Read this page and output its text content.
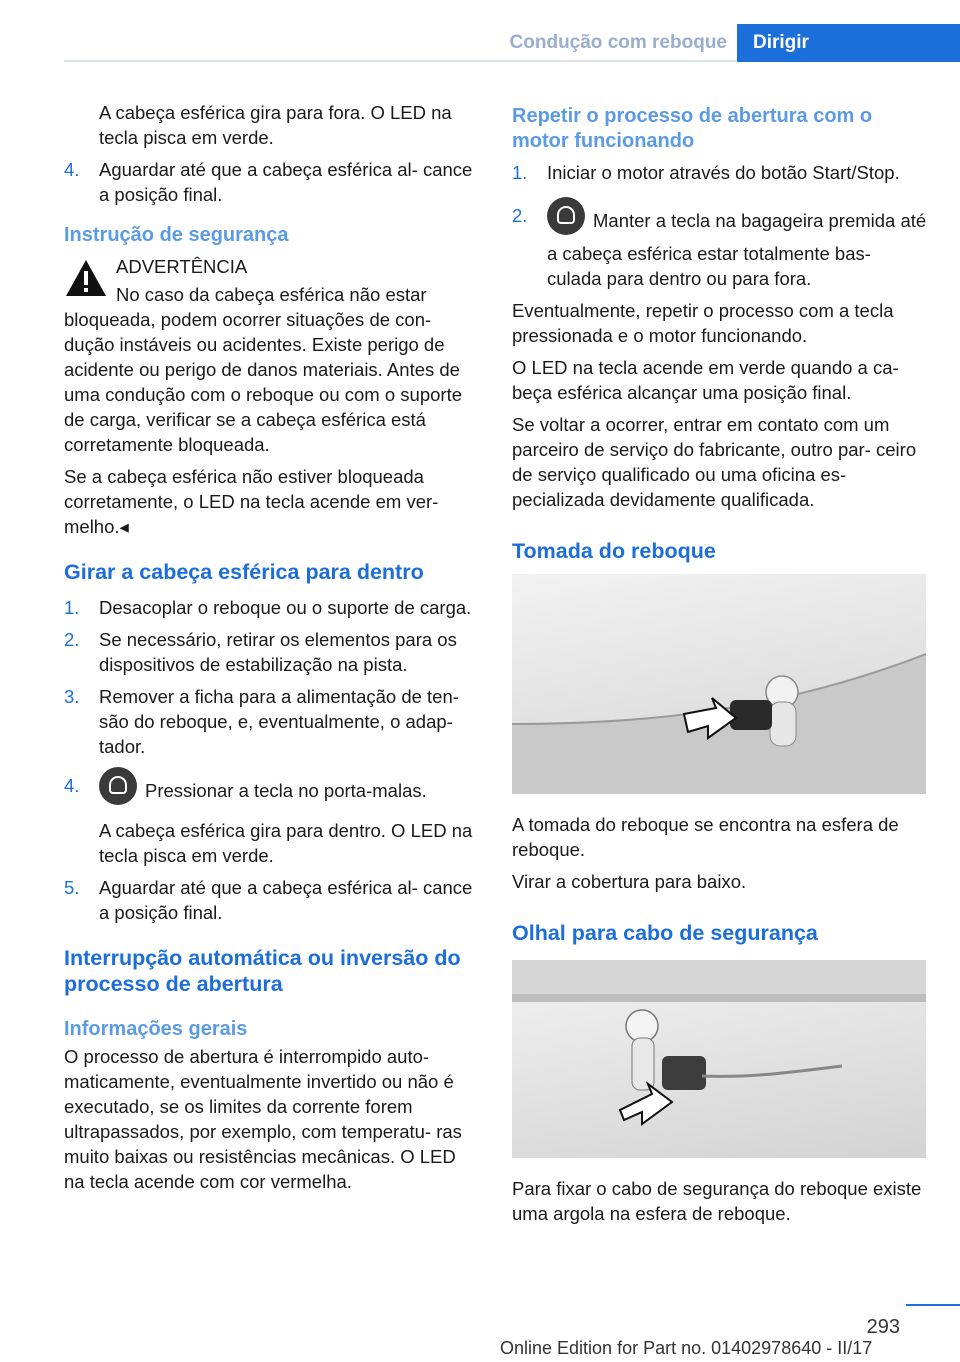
Condução com reboque	Dirigir

A cabeça esférica gira para fora. O LED na tecla pisca em verde.

4.	Aguardar até que a cabeça esférica al‐ cance a posição final.
Instrução de segurança
ADVERTÊNCIA

No caso da cabeça esférica não estar bloqueada, podem ocorrer situações de con‐ dução instáveis ou acidentes. Existe perigo de acidente ou perigo de danos materiais. Antes de uma condução com o reboque ou com o suporte de carga, verificar se a cabeça esférica está corretamente bloqueada.

Se a cabeça esférica não estiver bloqueada corretamente, o LED na tecla acende em ver‐ melho.◂

Girar a cabeça esférica para dentro
1.	Desacoplar o reboque ou o suporte de carga.
2.	Se necessário, retirar os elementos para os dispositivos de estabilização na pista.
3.	Remover a ficha para a alimentação de ten‐ são do reboque, e, eventualmente, o adap‐ tador.
4.	Pressionar a tecla no porta-malas.

A cabeça esférica gira para dentro. O LED na tecla pisca em verde.

5.	Aguardar até que a cabeça esférica al‐ cance a posição final.
Interrupção automática ou inversão do processo de abertura
Informações gerais

O processo de abertura é interrompido auto‐ maticamente, eventualmente invertido ou não é executado, se os limites da corrente forem ultrapassados, por exemplo, com temperatu‐ ras muito baixas ou resistências mecânicas. O LED na tecla acende com cor vermelha.

Repetir o processo de abertura com o motor funcionando
1.	Iniciar o motor através do botão Start/Stop.
2.	Manter a tecla na bagageira premida até a cabeça esférica estar totalmente bas‐ culada para dentro ou para fora.

Eventualmente, repetir o processo com a tecla pressionada e o motor funcionando.

O LED na tecla acende em verde quando a ca‐ beça esférica alcançar uma posição final.

Se voltar a ocorrer, entrar em contato com um parceiro de serviço do fabricante, outro par‐ ceiro de serviço qualificado ou uma oficina es‐ pecializada devidamente qualificada.

Tomada do reboque

A tomada do reboque se encontra na esfera de reboque.

Virar a cobertura para baixo.

Olhal para cabo de segurança

Para fixar o cabo de segurança do reboque existe uma argola na esfera de reboque.

293
Online Edition for Part no. 01402978640 - II/17
